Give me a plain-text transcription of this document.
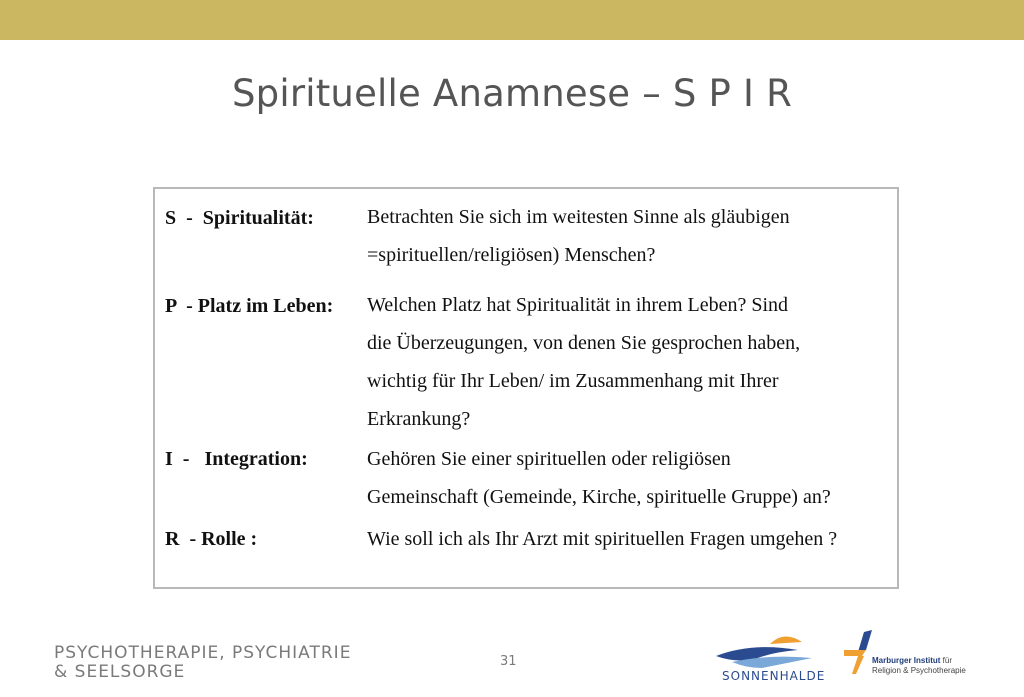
Spirituelle Anamnese – S P I R
S  -  Spiritualität:	Betrachten Sie sich im weitesten Sinne als gläubigen
=spirituellen/religiösen) Menschen?
P  - Platz im Leben: Welchen Platz hat Spiritualität in ihrem Leben? Sind
die Überzeugungen, von denen Sie gesprochen haben,
wichtig für Ihr Leben/ im Zusammenhang mit Ihrer
Erkrankung?
I  -   Integration:	Gehören Sie einer spirituellen oder religiösen
Gemeinschaft (Gemeinde, Kirche, spirituelle Gruppe) an?
R  - Rolle :	Wie soll ich als Ihr Arzt mit spirituellen Fragen umgehen ?
PSYCHOTHERAPIE, PSYCHIATRIE
& SEELSORGE
31
SONNENHALDE
Marburger Institut für
Religion & Psychotherapie
